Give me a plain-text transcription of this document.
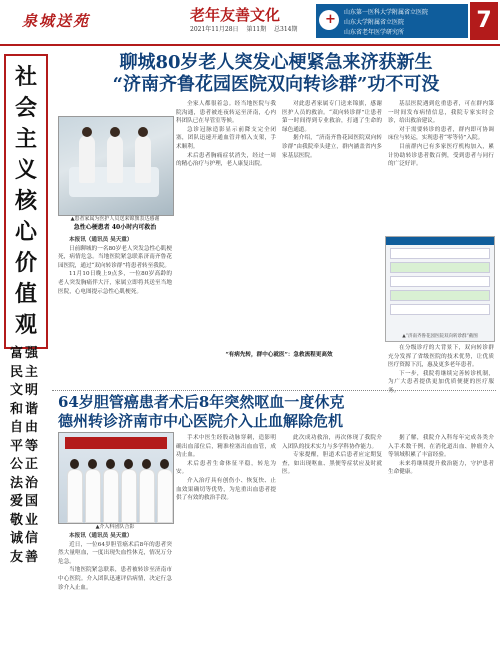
泉城送苑	老年友善文化
2021年11月28日 第11期 总314期
+
山东第一医科大学附属省立医院
山东大学附属省立医院
山东省老年医学研究所	7
社
会
主
义
核
心
价
值
观
富强
民主
文明
和谐
自由
平等
公正
法治
爱国
敬业
诚信
友善
聊城80岁老人突发心梗紧急来济获新生
“济南齐鲁花园医院双向转诊群”功不可没
▲患者家属为医护人员送来锦旗表达感谢
急性心梗患者 40小时内可救治

本报讯（通讯员 吴天重）

日前聊城的一名80岁老人突发急性心肌梗死，病情危急。当地医院紧急联系济南齐鲁花园医院，通过“双向转诊群”将患者转至我院。

11月10日晚上9点多，一位80岁高龄的老人突发胸痛伴大汗，家属立即将其送至当地医院，心电图提示急性心肌梗死。

全家人都很着急。经当地医院与我院沟通，患者被连夜转运至济南，心内科团队已在导管室等候。

急诊冠脉造影显示前降支完全闭塞，团队迅速开通血管并植入支架，手术顺利。

术后患者胸痛症状消失，经过一周的精心治疗与护理，老人康复出院。

对此患者家属专门送来锦旗，感谢医护人员的救治。“双向转诊群”让患者第一时间得到专业救治，打通了生命的绿色通道。

据介绍，“济南齐鲁花园医院双向转诊群”由我院牵头建立，群内涵盖省内多家基层医院。

基层医院遇到危重患者，可在群内第一时间发布病情信息，我院专家实时会诊，给出救治建议。

对于需要转诊的患者，群内即可协调床位与转运，实现患者“零等待”入院。

目前群内已有多家医疗机构加入，累计协助转诊患者数百例，受到患者与同行的广泛好评。

“有病先转，群中心就医”：急救流程更高效
▲“济南齐鲁花园医院双向转诊群”截图

在分级诊疗的大背景下，双向转诊群充分发挥了省级医院的技术优势，让优质医疗资源下沉，惠及更多老年患者。

下一步，我院将继续完善转诊机制，为广大患者提供更加优质便捷的医疗服务。

64岁胆管癌患者术后8年突然呕血一度休克
德州转诊济南市中心医院介入止血解除危机

手术中医生经股动脉穿刺，造影明确出血部位后，精准栓塞出血血管，成功止血。

术后患者生命体征平稳，转危为安。

介入治疗具有创伤小、恢复快、止血效果确切等优势，为危重出血患者提供了有效的救治手段。

▲介入科团队合影

本报讯（通讯员 吴天重）

近日，一位64岁胆管癌术后8年的患者突然大量呕血，一度出现失血性休克，情况万分危急。

当地医院紧急联系，患者被转诊至济南市中心医院。介入团队迅速评估病情，决定行急诊介入止血。

此次成功救治，再次体现了我院介入团队的技术实力与多学科协作能力。

专家提醒，胆道术后患者应定期复查，如出现呕血、黑便等症状应及时就医。

据了解，我院介入科每年完成各类介入手术数千例，在消化道出血、肿瘤介入等领域积累了丰富经验。

未来将继续提升救治能力，守护患者生命健康。
